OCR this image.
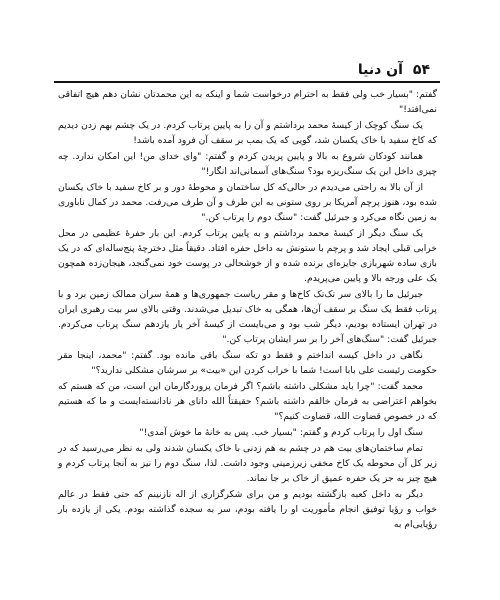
۵۴آن دنیا

گفتم: "بسیار خب ولی فقط به احترام درخواست شما و اینکه به این محمدتان نشان دهم هیچ اتفاقی نمی‌افتد!"

یک سنگ کوچک از کیسهٔ محمد برداشتم و آن را به پایین پرتاب کردم. در یک چشم بهم زدن دیدیم که کاخ سفید با خاک یکسان شد، گویی که یک بمب بر سقف آن فرود آمده باشد!

همانند کودکان شروع به بالا و پایین پریدن کردم و گفتم: "وای خدای من! این امکان ندارد. چه چیزی داخل این یک سنگ‌ریزه بود؟ سنگ‌های آسمانی‌اند انگار!"

از آن بالا به راحتی می‌دیدم در حالی‌که کل ساختمان و محوطهٔ دور و بر کاخ سفید با خاک یکسان شده بود، هنوز پرچم آمریکا بر روی ستونی به این طرف و آن طرف می‌رفت. محمد در کمال ناباوری به زمین نگاه می‌کرد و جبرئیل گفت: "سنگ دوم را پرتاب کن."

یک سنگ دیگر از کیسهٔ محمد برداشتم و به پایین پرتاب کردم. این بار حفرهٔ عظیمی در محل خرابی قبلی ایجاد شد و پرچم با ستونش به داخل حفره افتاد. دقیقاً مثل دخترچهٔ پنج‌ساله‌ای که در یک بازی ساده شهربازی جایزه‌ای برنده شده و از خوشحالی در پوست خود نمی‌گنجد، هیجان‌زده همچون یک علی ورجه بالا و پایین می‌پریدم.

جبرئیل ما را بالای سر تک‌تک کاخ‌ها و مقر ریاست جمهوری‌ها و همهٔ سران ممالک زمین برد و با پرتاب فقط یک سنگ بر سقف آن‌ها، همگی به خاک تبدیل می‌شدند. وقتی بالای سر بیت رهبری ایران در تهران ایستاده بودیم، دیگر شب بود و می‌بایست از کیسهٔ آخر یار یازدهم سنگ پرتاب می‌کردم. جبرئیل گفت: "سنگ‌های آخر را بر سر ایشان پرتاب کن."

نگاهی در داخل کیسه انداختم و فقط دو تکه سنگ باقی مانده بود. گفتم: "محمد، اینجا مقر حکومت رئیست علی بابا است! شما با خراب کردن این «بیت» بر سرشان مشکلی ندارید؟"

محمد گفت: "چرا باید مشکلی داشته باشم؟ اگر فرمان پروردگارمان این است، من که هستم که بخواهم اعتراضی به فرمان خالقم داشته باشم؟ حقیقتاً الله داناى هر نادانسته‌ایست و ما که هستیم که در خصوص قضاوت الله، قضاوت کنیم؟"

سنگ اول را پرتاب کردم و گفتم: "بسیار خب. پس به خانهٔ ما خوش آمدی!"

تمام ساختمان‌های بیت هم در چشم به هم زدنی با خاک یکسان شدند ولی به نظر می‌رسید که در زیر کل آن محوطه یک کاخ مخفی زیرزمینی وجود داشت. لذا، سنگ دوم را نیز به آنجا پرتاب کردم و هیچ چیز به جز یک حفره عمیق از خاک بر جا نماند.

دیگر به داخل کعبه بازگشته بودیم و من برای شکرگزاری از اله نازنینم که حتی فقط در عالم خواب و رؤیا توفیق انجام مأموریت او را یافته بودم، سر به سجده گذاشته بودم. یکی از یازده بار رؤیایی‌ام به
